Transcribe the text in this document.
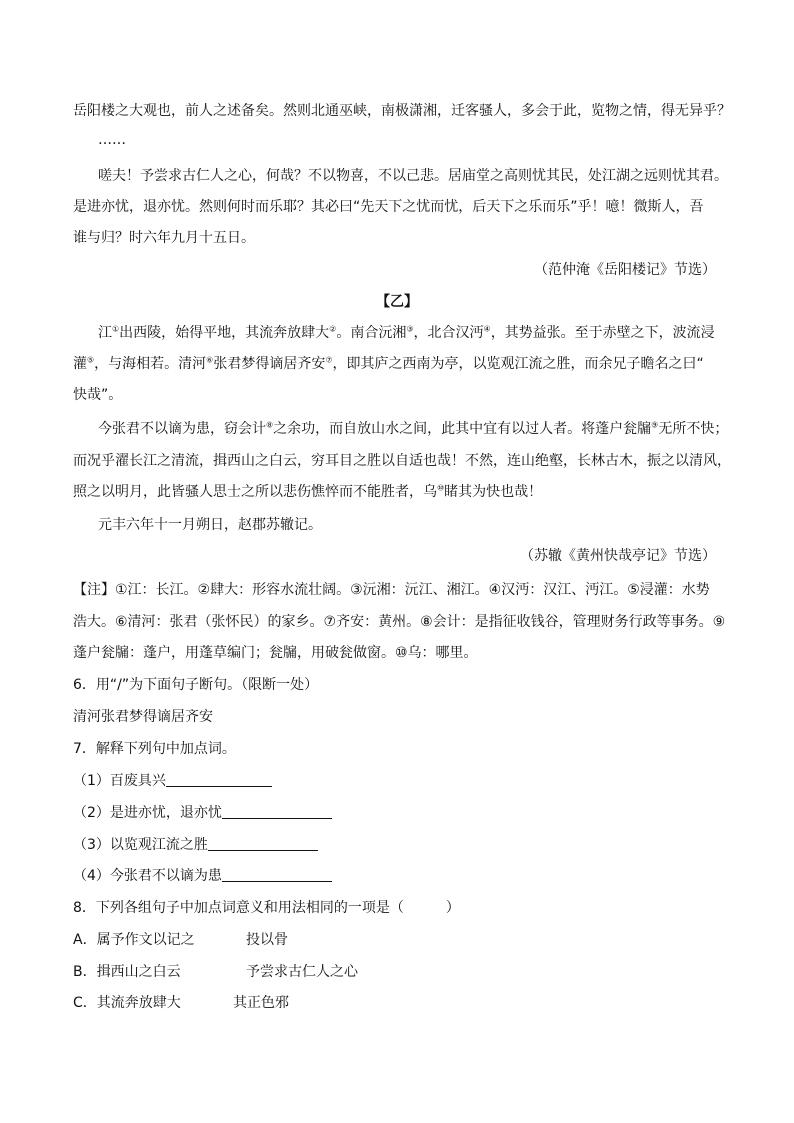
岳阳楼之大观也，前人之述备矣。然则北通巫峡，南极潇湘，迁客骚人，多会于此，览物之情，得无异乎？
……
嗟夫！予尝求古仁人之心，何哉？不以物喜，不以己悲。居庙堂之高则忧其民，处江湖之远则忧其君。
是进亦忧，退亦忧。然则何时而乐耶？其必曰“先天下之忧而忧，后天下之乐而乐”乎！噫！微斯人，吾
谁与归？时六年九月十五日。
（范仲淹《岳阳楼记》节选）
【乙】
江①出西陵，始得平地，其流奔放肆大②。南合沅湘③，北合汉沔④，其势益张。至于赤壁之下，波流浸
灌⑤，与海相若。清河⑥张君梦得谪居齐安⑦，即其庐之西南为亭，以览观江流之胜，而余兄子瞻名之曰“
快哉”。
今张君不以谪为患，窃会计⑧之余功，而自放山水之间，此其中宜有以过人者。将蓬户瓮牖⑨无所不快；
而况乎濯长江之清流，揖西山之白云，穷耳目之胜以自适也哉！不然，连山绝壑，长林古木，振之以清风，
照之以明月，此皆骚人思士之所以悲伤憔悴而不能胜者，乌⑩睹其为快也哉！
元丰六年十一月朔日，赵郡苏辙记。
（苏辙《黄州快哉亭记》节选）
【注】①江：长江。②肆大：形容水流壮阔。③沅湘：沅江、湘江。④汉沔：汉江、沔江。⑤浸灌：水势
浩大。⑥清河：张君（张怀民）的家乡。⑦齐安：黄州。⑧会计：是指征收钱谷，管理财务行政等事务。⑨
蓬户瓮牖：蓬户，用蓬草编门；瓮牖，用破瓮做窗。⑩乌：哪里。
6．用“/”为下面句子断句。（限断一处）
清河张君梦得谪居齐安
7．解释下列句中加点词。
（1）百废具兴
（2）是进亦忧，退亦忧
（3）以览观江流之胜
（4）今张君不以谪为患
8．下列各组句子中加点词意义和用法相同的一项是（　　　）
A．属予作文以记之	投以骨
B．揖西山之白云	予尝求古仁人之心
C．其流奔放肆大	其正色邪
